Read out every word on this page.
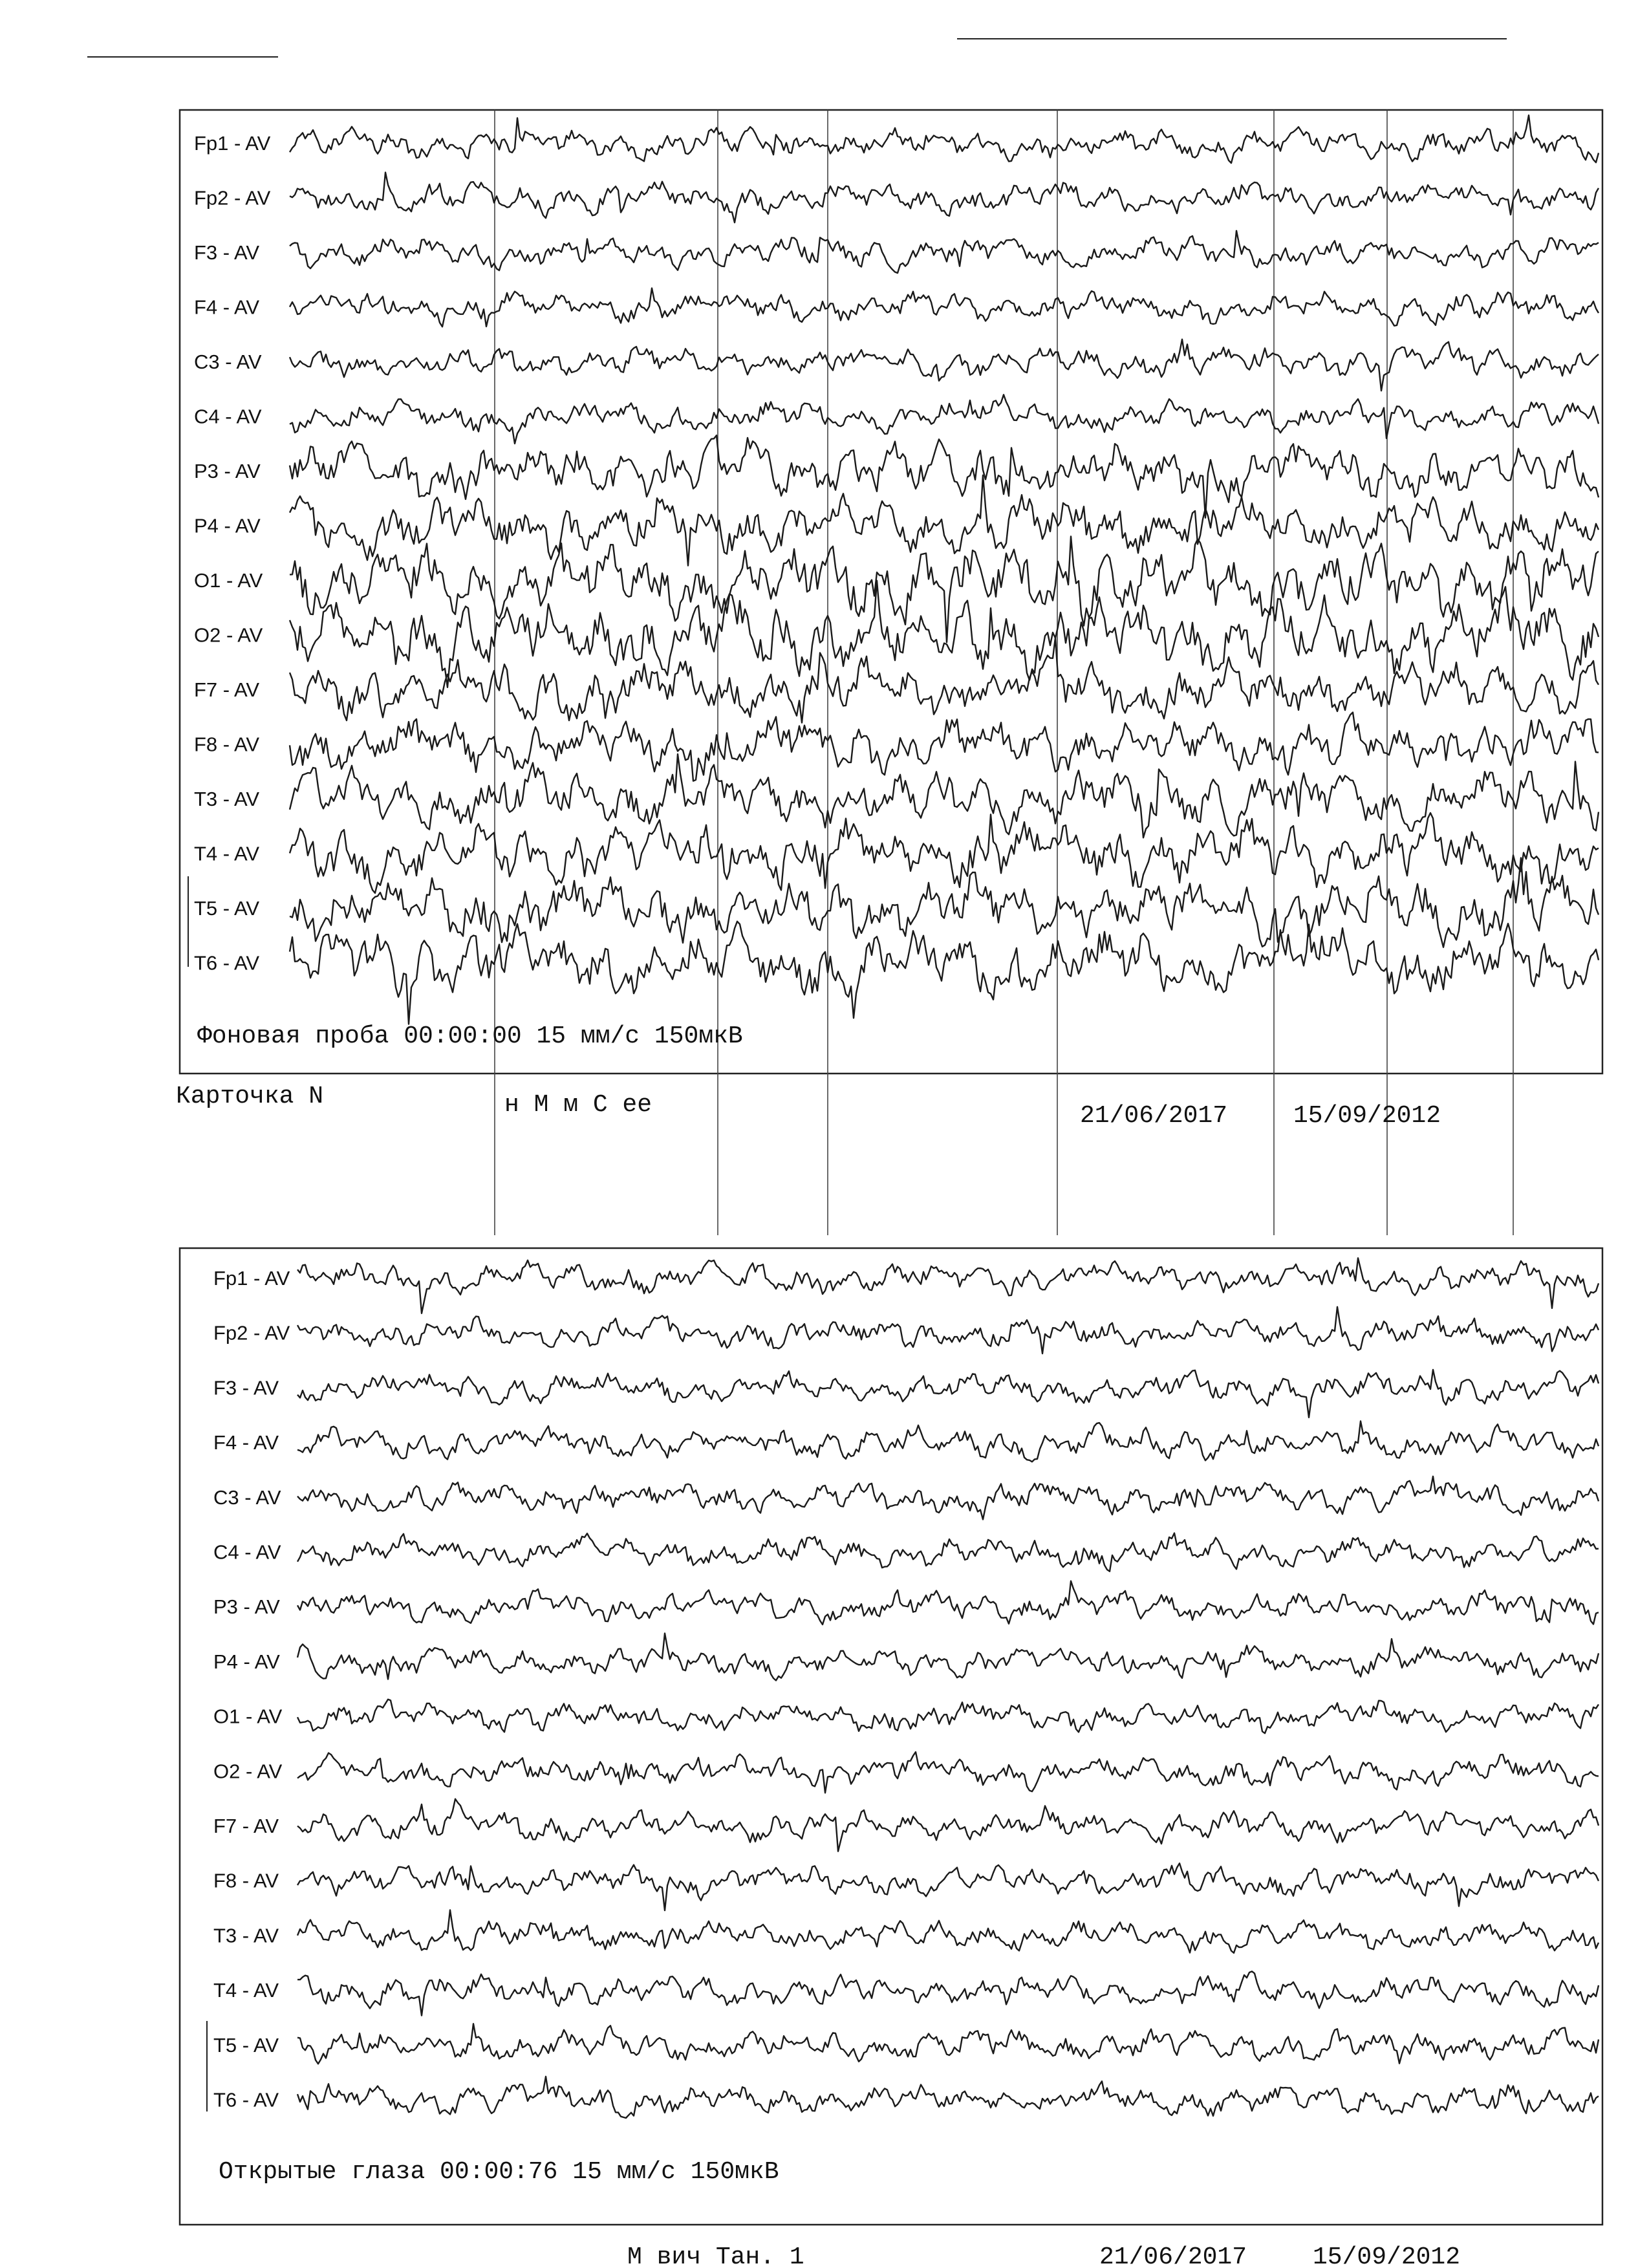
Fp1 - AV
Fp2 - AV
F3 - AV
F4 - AV
C3 - AV
C4 - AV
P3 - AV
P4 - AV
O1 - AV
O2 - AV
F7 - AV
F8 - AV
T3 - AV
T4 - AV
T5 - AV
T6 - AV
Фоновая проба 00:00:00 15 мм/с 150мкВ
Карточка N	н М м С ее	21/06/2017	15/09/2012
Fp1 - AV
Fp2 - AV
F3 - AV
F4 - AV
C3 - AV
C4 - AV
P3 - AV
P4 - AV
O1 - AV
O2 - AV
F7 - AV
F8 - AV
T3 - AV
T4 - AV
T5 - AV
T6 - AV
Открытые глаза 00:00:76 15 мм/с 150мкВ
М вич Тан. 1	21/06/2017	15/09/2012
